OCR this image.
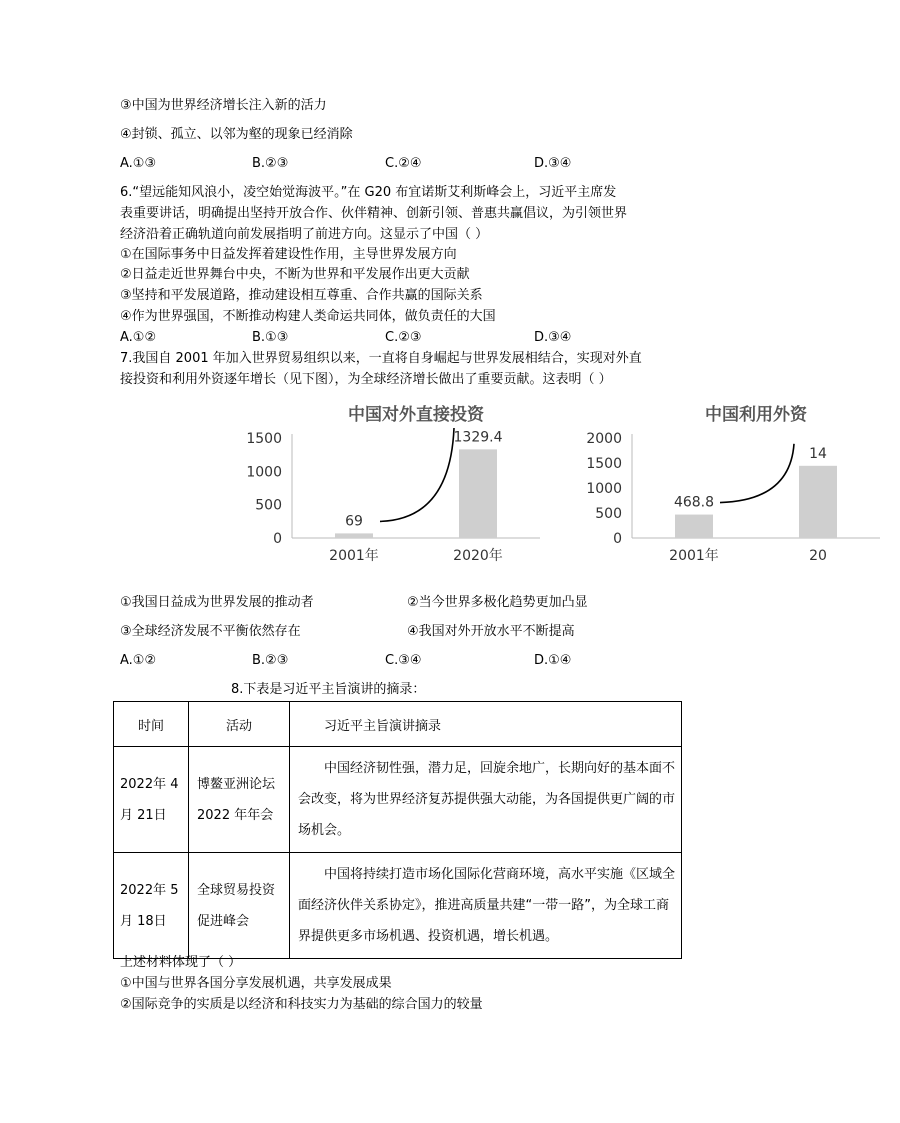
③中国为世界经济增长注入新的活力
④封锁、孤立、以邻为壑的现象已经消除
A.①③	B.②③	C.②④	D.③④
6.“望远能知风浪小，凌空始觉海波平。”在 G20 布宜诺斯艾利斯峰会上，习近平主席发
表重要讲话，明确提出坚持开放合作、伙伴精神、创新引领、普惠共赢倡议，为引领世界
经济沿着正确轨道向前发展指明了前进方向。这显示了中国（ ）
①在国际事务中日益发挥着建设性作用，主导世界发展方向
②日益走近世界舞台中央，不断为世界和平发展作出更大贡献
③坚持和平发展道路，推动建设相互尊重、合作共赢的国际关系
④作为世界强国，不断推动构建人类命运共同体，做负责任的大国
A.①②	B.①③	C.②③	D.③④
7.我国自 2001 年加入世界贸易组织以来，一直将自身崛起与世界发展相结合，实现对外直
接投资和利用外资逐年增长（见下图），为全球经济增长做出了重要贡献。这表明（ ）
中国对外直接投资
0
500
1000
1500
69
2001年
1329.4
2020年
中国利用外资
0
500
1000
1500
2000
468.8
2001年
14
20
①我国日益成为世界发展的推动者	②当今世界多极化趋势更加凸显
③全球经济发展不平衡依然存在	④我国对外开放水平不断提高
A.①②	B.②③	C.③④	D.①④
8.下表是习近平主旨演讲的摘录：
时间	活动	习近平主旨演讲摘录
2022年 4 月 21日	博鳌亚洲论坛 2022 年年会	中国经济韧性强，潜力足，回旋余地广，长期向好的基本面不会改变，将为世界经济复苏提供强大动能，为各国提供更广阔的市场机会。
2022年 5 月 18日	全球贸易投资促进峰会	中国将持续打造市场化国际化营商环境，高水平实施《区域全面经济伙伴关系协定》，推进高质量共建“一带一路”，为全球工商界提供更多市场机遇、投资机遇，增长机遇。
上述材料体现了（ ）
①中国与世界各国分享发展机遇，共享发展成果
②国际竞争的实质是以经济和科技实力为基础的综合国力的较量
